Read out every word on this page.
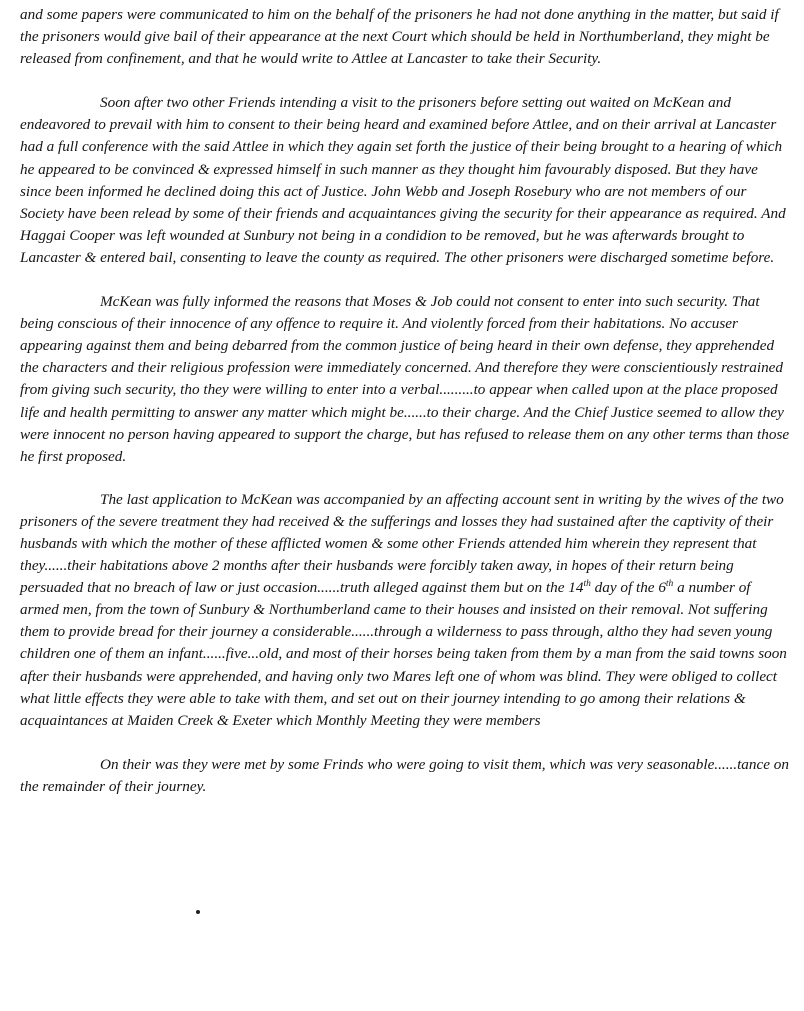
and some papers were communicated to him on the behalf of the prisoners he had not done anything in the matter, but said if the prisoners would give bail of their appearance at the next Court which should be held in Northumberland, they might be released from confinement, and that he would write to Attlee at Lancaster to take their Security.

Soon after two other Friends intending a visit to the prisoners before setting out waited on McKean and endeavored to prevail with him to consent to their being heard and examined before Attlee, and on their arrival at Lancaster had a full conference with the said Attlee in which they again set forth the justice of their being brought to a hearing of which he appeared to be convinced & expressed himself in such manner as they thought him favourably disposed. But they have since been informed he declined doing this act of Justice. John Webb and Joseph Rosebury who are not members of our Society have been relead by some of their friends and acquaintances giving the security for their appearance as required. And Haggai Cooper was left wounded at Sunbury not being in a condidion to be removed, but he was afterwards brought to Lancaster & entered bail, consenting to leave the county as required. The other prisoners were discharged sometime before.

McKean was fully informed the reasons that Moses & Job could not consent to enter into such security. That being conscious of their innocence of any offence to require it. And violently forced from their habitations. No accuser appearing against them and being debarred from the common justice of being heard in their own defense, they apprehended the characters and their religious profession were immediately concerned. And therefore they were conscientiously restrained from giving such security, tho they were willing to enter into a verbal.........to appear when called upon at the place proposed life and health permitting to answer any matter which might be......to their charge. And the Chief Justice seemed to allow they were innocent no person having appeared to support the charge, but has refused to release them on any other terms than those he first proposed.

The last application to McKean was accompanied by an affecting account sent in writing by the wives of the two prisoners of the severe treatment they had received & the sufferings and losses they had sustained after the captivity of their husbands with which the mother of these afflicted women & some other Friends attended him wherein they represent that they......their habitations above 2 months after their husbands were forcibly taken away, in hopes of their return being persuaded that no breach of law or just occasion......truth alleged against them but on the 14th day of the 6th a number of armed men, from the town of Sunbury & Northumberland came to their houses and insisted on their removal. Not suffering them to provide bread for their journey a considerable......through a wilderness to pass through, altho they had seven young children one of them an infant......five...old, and most of their horses being taken from them by a man from the said towns soon after their husbands were apprehended, and having only two Mares left one of whom was blind. They were obliged to collect what little effects they were able to take with them, and set out on their journey intending to go among their relations & acquaintances at Maiden Creek & Exeter which Monthly Meeting they were members

On their was they were met by some Frinds who were going to visit them, which was very seasonable......tance on the remainder of their journey.
